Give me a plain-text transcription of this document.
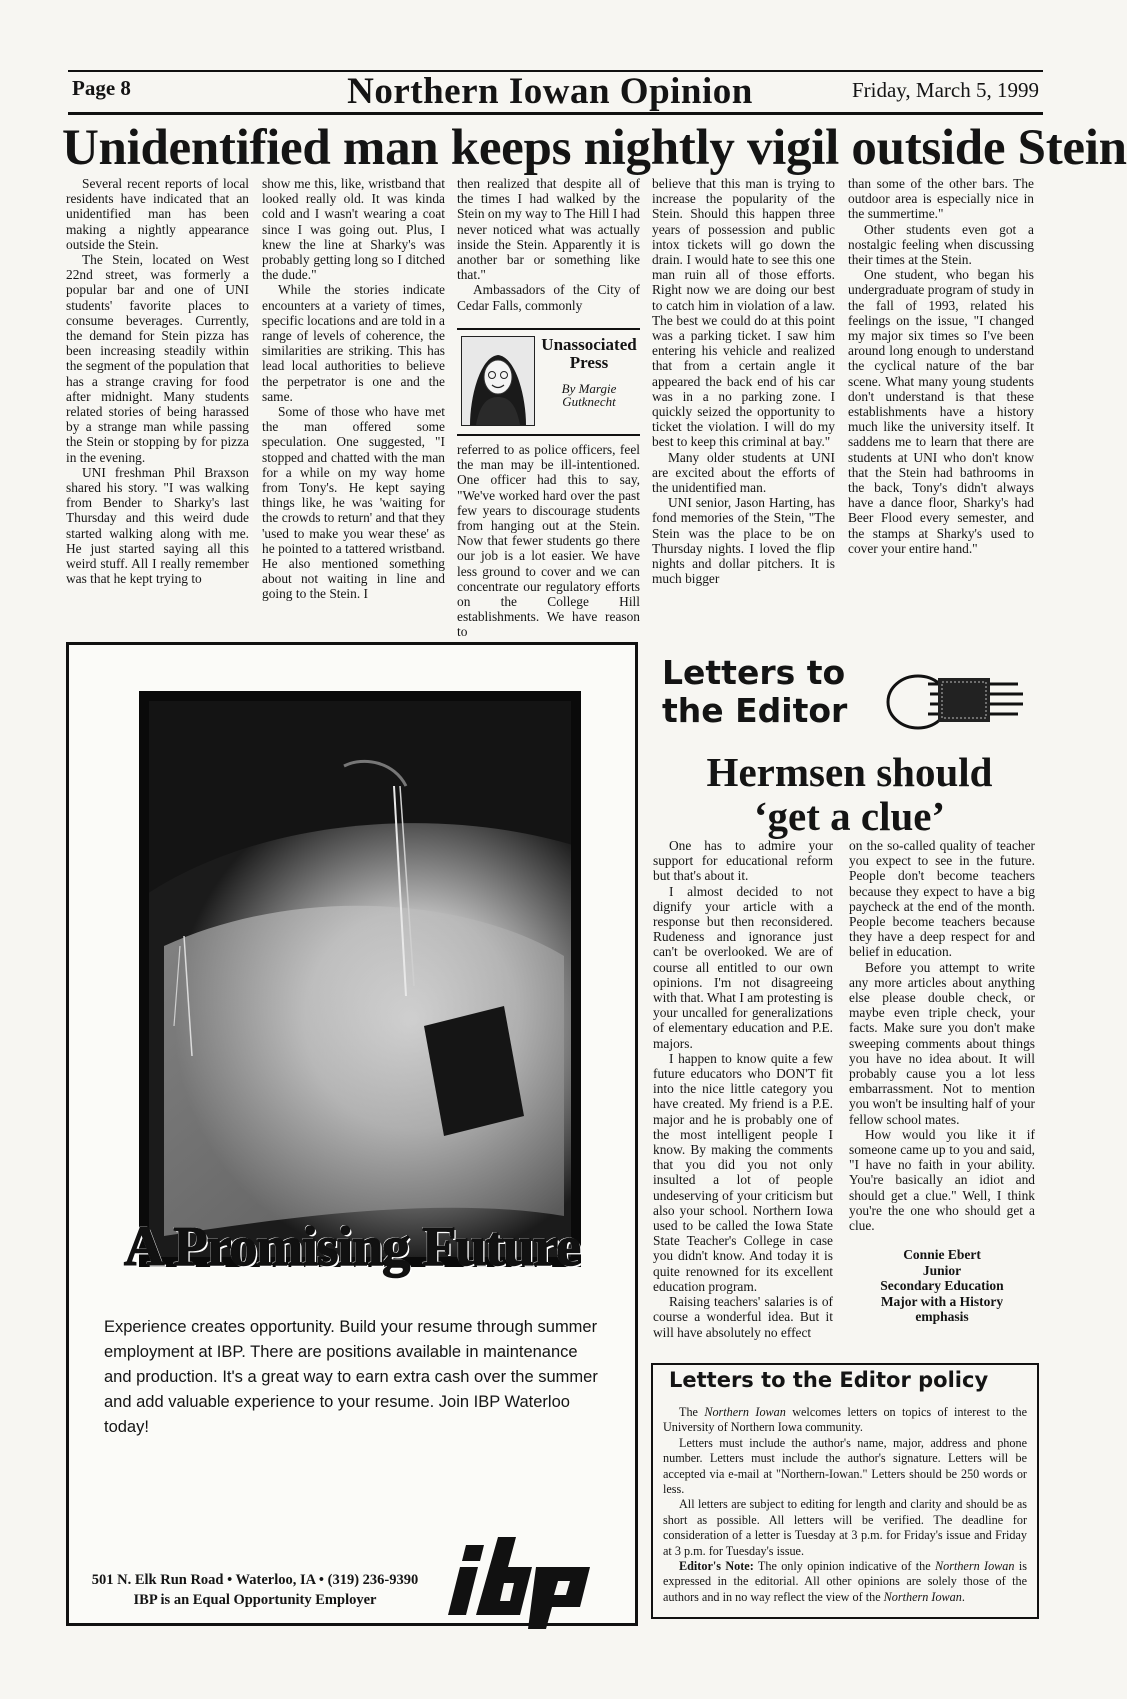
Page 8	Northern Iowan Opinion	Friday, March 5, 1999
Unidentified man keeps nightly vigil outside Stein

Several recent reports of local residents have indicated that an unidentified man has been making a nightly appearance outside the Stein.

The Stein, located on West 22nd street, was formerly a popular bar and one of UNI students' favorite places to consume beverages. Currently, the demand for Stein pizza has been increasing steadily within the segment of the population that has a strange craving for food after midnight. Many students related stories of being harassed by a strange man while passing the Stein or stopping by for pizza in the evening.

UNI freshman Phil Braxson shared his story. "I was walking from Bender to Sharky's last Thursday and this weird dude started walking along with me. He just started saying all this weird stuff. All I really remember was that he kept trying to

show me this, like, wristband that looked really old. It was kinda cold and I wasn't wearing a coat since I was going out. Plus, I knew the line at Sharky's was probably getting long so I ditched the dude."

While the stories indicate encounters at a variety of times, specific locations and are told in a range of levels of coherence, the similarities are striking. This has lead local authorities to believe the perpetrator is one and the same.

Some of those who have met the man offered some speculation. One suggested, "I stopped and chatted with the man for a while on my way home from Tony's. He kept saying things like, he was 'waiting for the crowds to return' and that they 'used to make you wear these' as he pointed to a tattered wristband. He also mentioned something about not waiting in line and going to the Stein. I

then realized that despite all of the times I had walked by the Stein on my way to The Hill I had never noticed what was actually inside the Stein. Apparently it is another bar or something like that."

Ambassadors of the City of Cedar Falls, commonly

Unassociated Press
By Margie Gutknecht

referred to as police officers, feel the man may be ill-intentioned. One officer had this to say, "We've worked hard over the past few years to discourage students from hanging out at the Stein. Now that fewer students go there our job is a lot easier. We have less ground to cover and we can concentrate our regulatory efforts on the College Hill establishments. We have reason to

believe that this man is trying to increase the popularity of the Stein. Should this happen three years of possession and public intox tickets will go down the drain. I would hate to see this one man ruin all of those efforts. Right now we are doing our best to catch him in violation of a law. The best we could do at this point was a parking ticket. I saw him entering his vehicle and realized that from a certain angle it appeared the back end of his car was in a no parking zone. I quickly seized the opportunity to ticket the violation. I will do my best to keep this criminal at bay."

Many older students at UNI are excited about the efforts of the unidentified man.

UNI senior, Jason Harting, has fond memories of the Stein, "The Stein was the place to be on Thursday nights. I loved the flip nights and dollar pitchers. It is much bigger

than some of the other bars. The outdoor area is especially nice in the summertime."

Other students even got a nostalgic feeling when discussing their times at the Stein.

One student, who began his undergraduate program of study in the fall of 1993, related his feelings on the issue, "I changed my major six times so I've been around long enough to understand the cyclical nature of the bar scene. What many young students don't understand is that these establishments have a history much like the university itself. It saddens me to learn that there are students at UNI who don't know that the Stein had bathrooms in the back, Tony's didn't always have a dance floor, Sharky's had Beer Flood every semester, and the stamps at Sharky's used to cover your entire hand."

A Promising Future
Experience creates opportunity. Build your resume through summer employment at IBP. There are positions available in maintenance and production. It's a great way to earn extra cash over the summer and add valuable experience to your resume. Join IBP Waterloo today!
501 N. Elk Run Road • Waterloo, IA • (319) 236-9390
IBP is an Equal Opportunity Employer
Letters to
the Editor
Hermsen should
‘get a clue’

One has to admire your support for educational reform but that's about it.

I almost decided to not dignify your article with a response but then reconsidered. Rudeness and ignorance just can't be overlooked. We are of course all entitled to our own opinions. I'm not disagreeing with that. What I am protesting is your uncalled for generalizations of elementary education and P.E. majors.

I happen to know quite a few future educators who DON'T fit into the nice little category you have created. My friend is a P.E. major and he is probably one of the most intelligent people I know. By making the comments that you did you not only insulted a lot of people undeserving of your criticism but also your school. Northern Iowa used to be called the Iowa State State Teacher's College in case you didn't know. And today it is quite renowned for its excellent education program.

Raising teachers' salaries is of course a wonderful idea. But it will have absolutely no effect

on the so-called quality of teacher you expect to see in the future. People don't become teachers because they expect to have a big paycheck at the end of the month. People become teachers because they have a deep respect for and belief in education.

Before you attempt to write any more articles about anything else please double check, or maybe even triple check, your facts. Make sure you don't make sweeping comments about things you have no idea about. It will probably cause you a lot less embarrassment. Not to mention you won't be insulting half of your fellow school mates.

How would you like it if someone came up to you and said, "I have no faith in your ability. You're basically an idiot and should get a clue." Well, I think you're the one who should get a clue.

Connie Ebert
Junior
Secondary Education
Major with a History
emphasis
Letters to the Editor policy

The Northern Iowan welcomes letters on topics of interest to the University of Northern Iowa community.

Letters must include the author's name, major, address and phone number. Letters must include the author's signature. Letters will be accepted via e-mail at "Northern-Iowan." Letters should be 250 words or less.

All letters are subject to editing for length and clarity and should be as short as possible. All letters will be verified. The deadline for consideration of a letter is Tuesday at 3 p.m. for Friday's issue and Friday at 3 p.m. for Tuesday's issue.

Editor's Note: The only opinion indicative of the Northern Iowan is expressed in the editorial. All other opinions are solely those of the authors and in no way reflect the view of the Northern Iowan.
